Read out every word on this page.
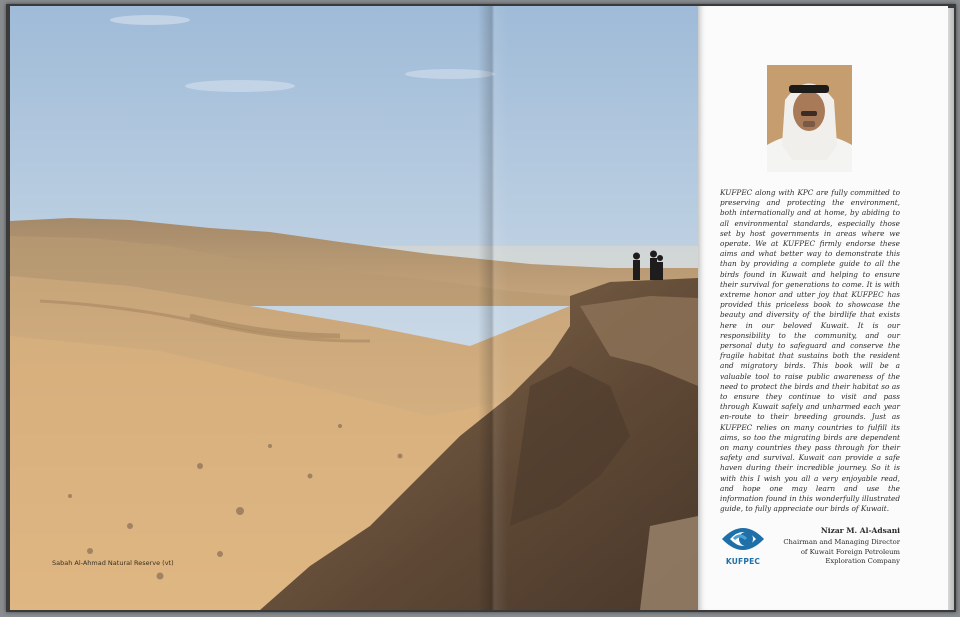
Sabah Al-Ahmad Natural Reserve (vt)

KUFPEC along with KPC are fully committed to preserving and protecting the environment, both internationally and at home, by abiding to all environmental standards, especially those set by host governments in areas where we operate. We at KUFPEC firmly endorse these aims and what better way to demonstrate this than by providing a complete guide to all the birds found in Kuwait and helping to ensure their survival for generations to come. It is with extreme honor and utter joy that KUFPEC has provided this priceless book to showcase the beauty and diversity of the birdlife that exists here in our beloved Kuwait. It is our responsibility to the community, and our personal duty to safeguard and conserve the fragile habitat that sustains both the resident and migratory birds. This book will be a valuable tool to raise public awareness of the need to protect the birds and their habitat so as to ensure they continue to visit and pass through Kuwait safely and unharmed each year en-route to their breeding grounds. Just as KUFPEC relies on many countries to fulfill its aims, so too the migrating birds are dependent on many countries they pass through for their safety and survival. Kuwait can provide a safe haven during their incredible journey. So it is with this I wish you all a very enjoyable read, and hope one may learn and use the information found in this wonderfully illustrated guide, to fully appreciate our birds of Kuwait.

KUFPEC
Nizar M. Al-Adsani
Chairman and Managing Director
of Kuwait Foreign Petroleum
Exploration Company
